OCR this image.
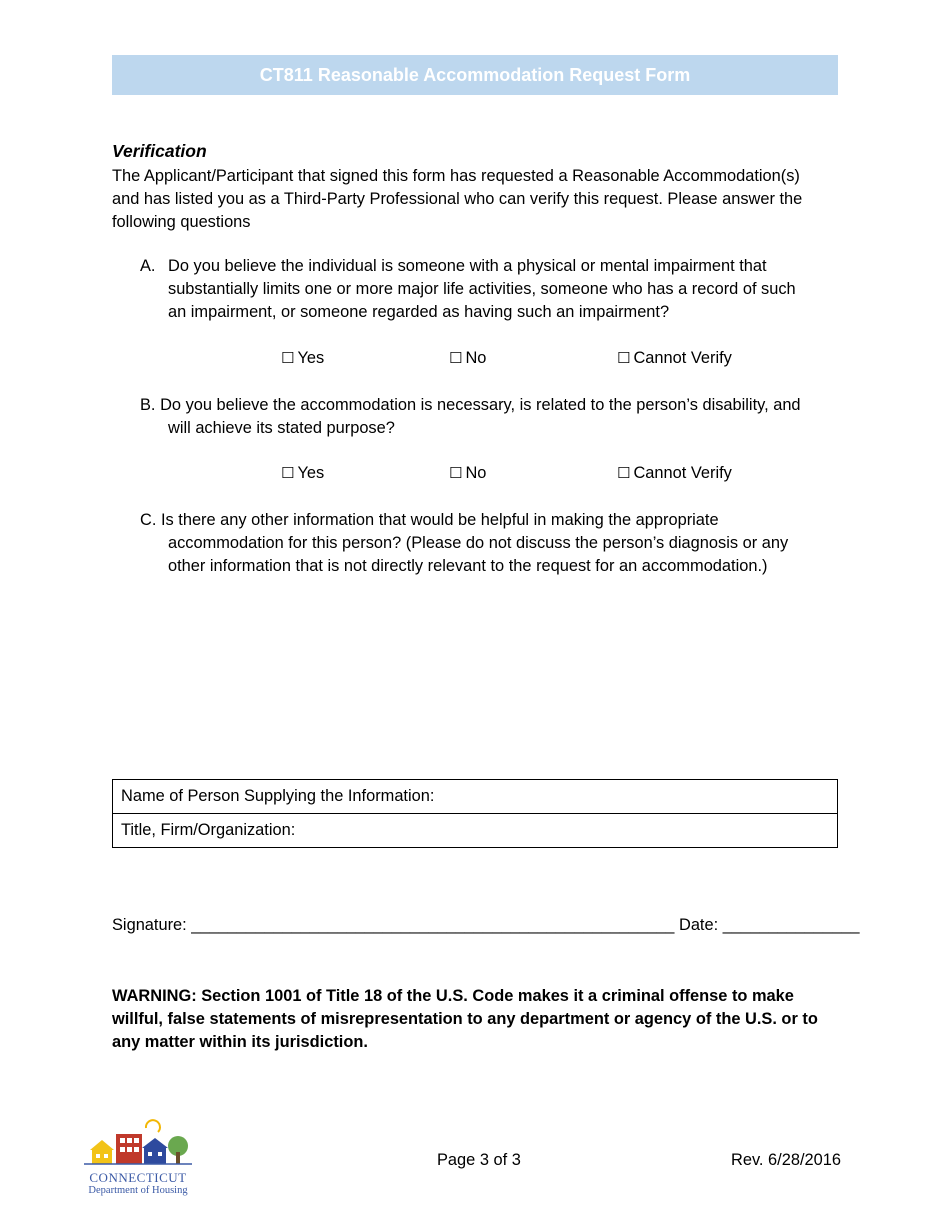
CT811 Reasonable Accommodation Request Form
Verification
The Applicant/Participant that signed this form has requested a Reasonable Accommodation(s)
and has listed you as a Third-Party Professional who can verify this request. Please answer the
following questions
A. Do you believe the individual is someone with a physical or mental impairment that
substantially limits one or more major life activities, someone who has a record of such
an impairment, or someone regarded as having such an impairment?
☐ Yes	☐ No	☐ Cannot Verify
B. Do you believe the accommodation is necessary, is related to the person’s disability, and
will achieve its stated purpose?
☐ Yes	☐ No	☐ Cannot Verify
C. Is there any other information that would be helpful in making the appropriate
accommodation for this person? (Please do not discuss the person’s diagnosis or any
other information that is not directly relevant to the request for an accommodation.)
Name of Person Supplying the Information:
Title, Firm/Organization:
Signature: _____________________________________________________ Date: _______________
WARNING: Section 1001 of Title 18 of the U.S. Code makes it a criminal offense to make
willful, false statements of misrepresentation to any department or agency of the U.S. or to
any matter within its jurisdiction.
CONNECTICUT
Department of Housing
Page 3 of 3	Rev. 6/28/2016
